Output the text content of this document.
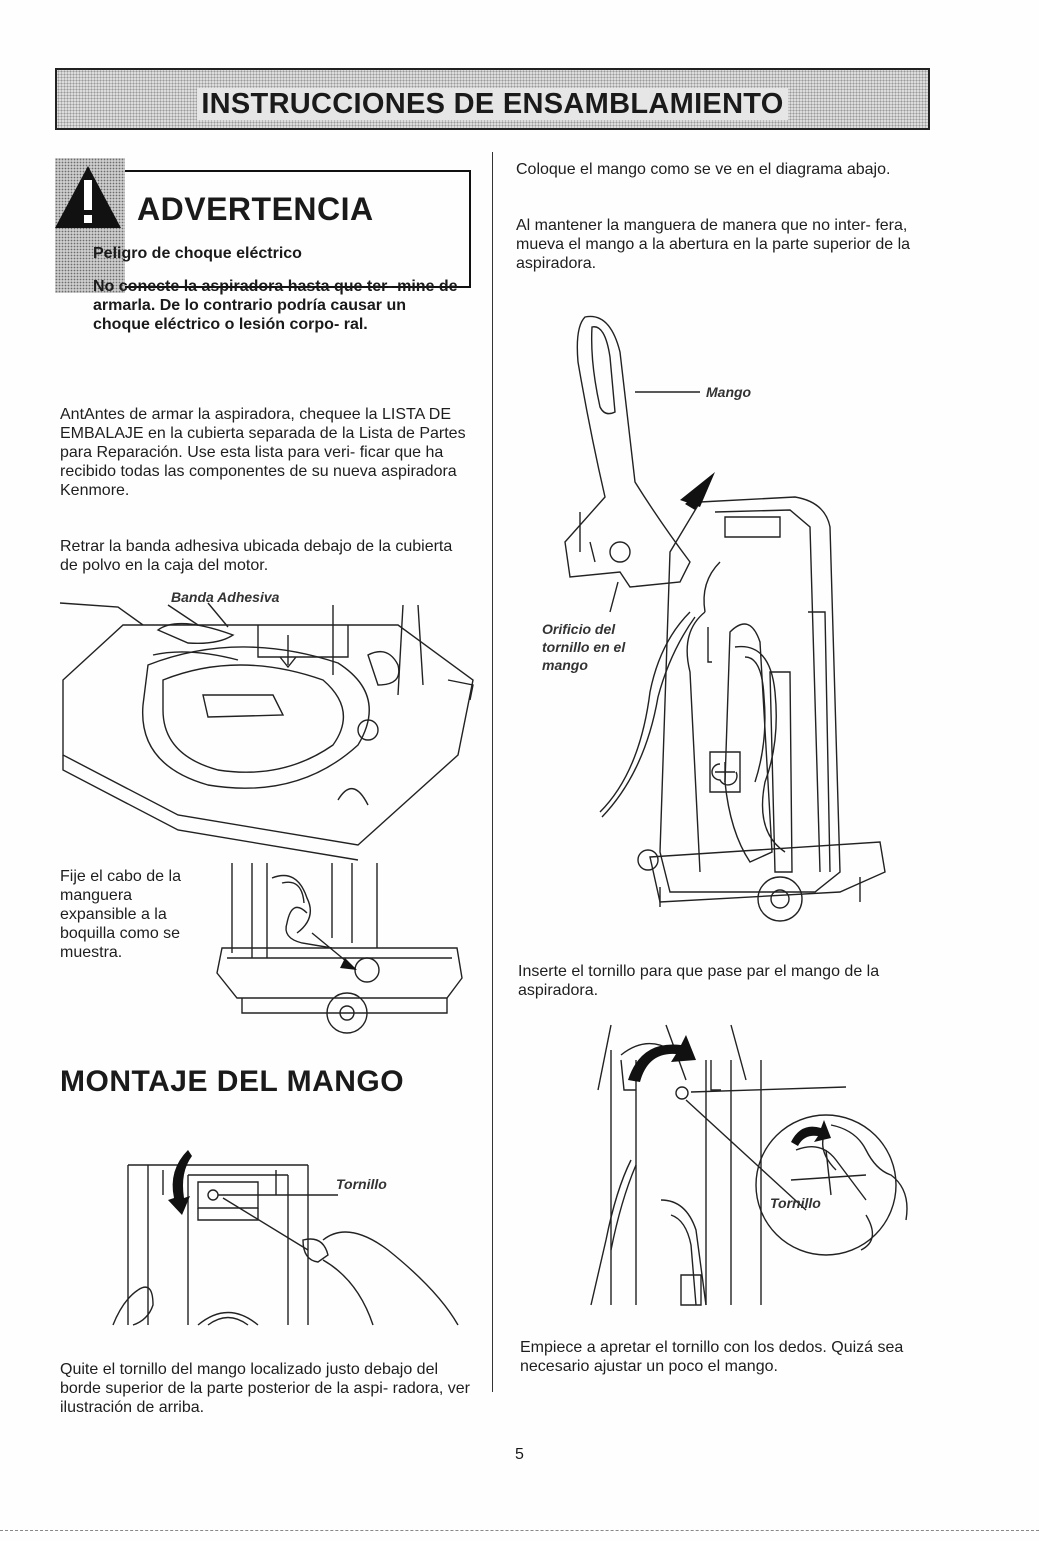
INSTRUCCIONES DE ENSAMBLAMIENTO
ADVERTENCIA
Peligro de choque eléctrico
No conecte la aspiradora hasta que ter- mine de armarla. De lo contrario podría causar un choque eléctrico o lesión corpo- ral.
AntAntes de armar la aspiradora, chequee la LISTA DE EMBALAJE en la cubierta separada de la Lista de Partes para Reparación. Use esta lista para veri- ficar que ha recibido todas las componentes de su nueva aspiradora Kenmore.
Retrar la banda adhesiva ubicada debajo de la cubierta de polvo en la caja del motor.
Banda Adhesiva
Fije el cabo de la manguera expansible a la boquilla como se muestra.
MONTAJE DEL MANGO
Tornillo
Quite el tornillo del mango localizado justo debajo del borde superior de la parte posterior de la aspi- radora, ver ilustración de arriba.
Coloque el mango como se ve en el diagrama abajo.
Al mantener la manguera de manera que no inter- fera, mueva el mango a la abertura en la parte superior de la aspiradora.
Mango
Orificio del tornillo en el mango
Inserte el tornillo para que pase par el mango de la aspiradora.
Tornillo
Empiece a apretar el tornillo con los dedos. Quizá sea necesario ajustar un poco el mango.
5
